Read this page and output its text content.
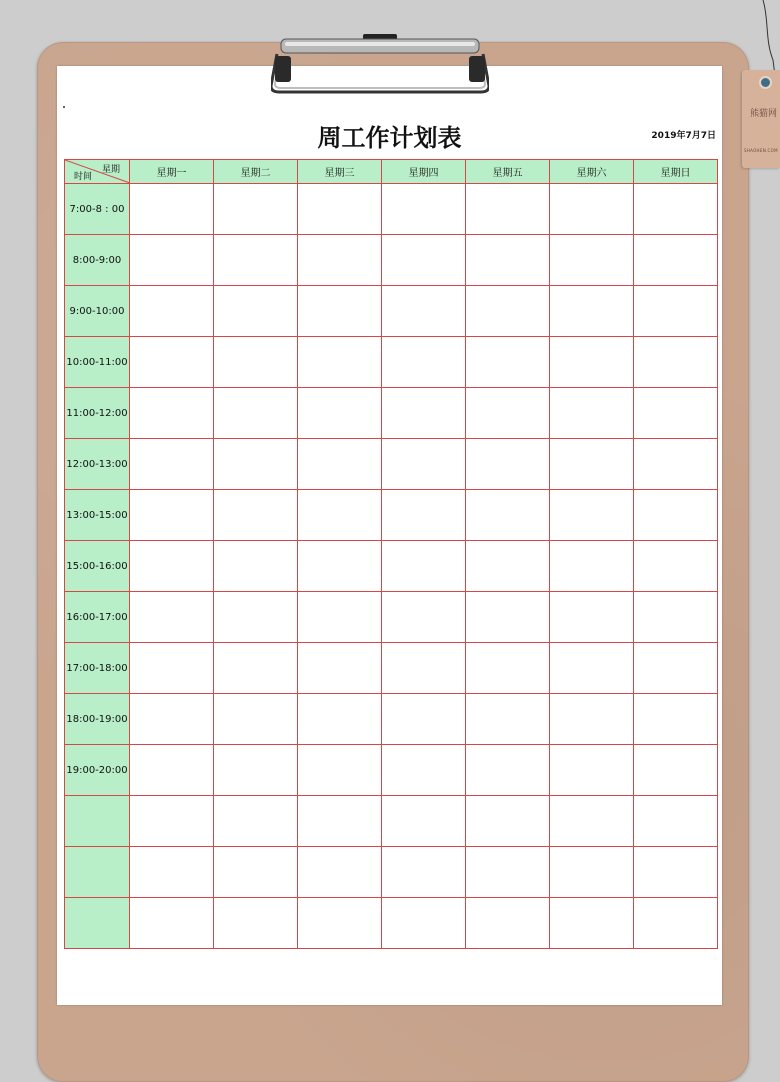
周工作计划表	2019年7月7日
星期
时间	星期一	星期二	星期三	星期四	星期五	星期六	星期日
7:00-8 : 00							
8:00-9:00							
9:00-10:00							
10:00-11:00							
11:00-12:00							
12:00-13:00							
13:00-15:00							
15:00-16:00							
16:00-17:00							
17:00-18:00							
18:00-19:00							
19:00-20:00							

熊猫网
SHAOHEN.COM
